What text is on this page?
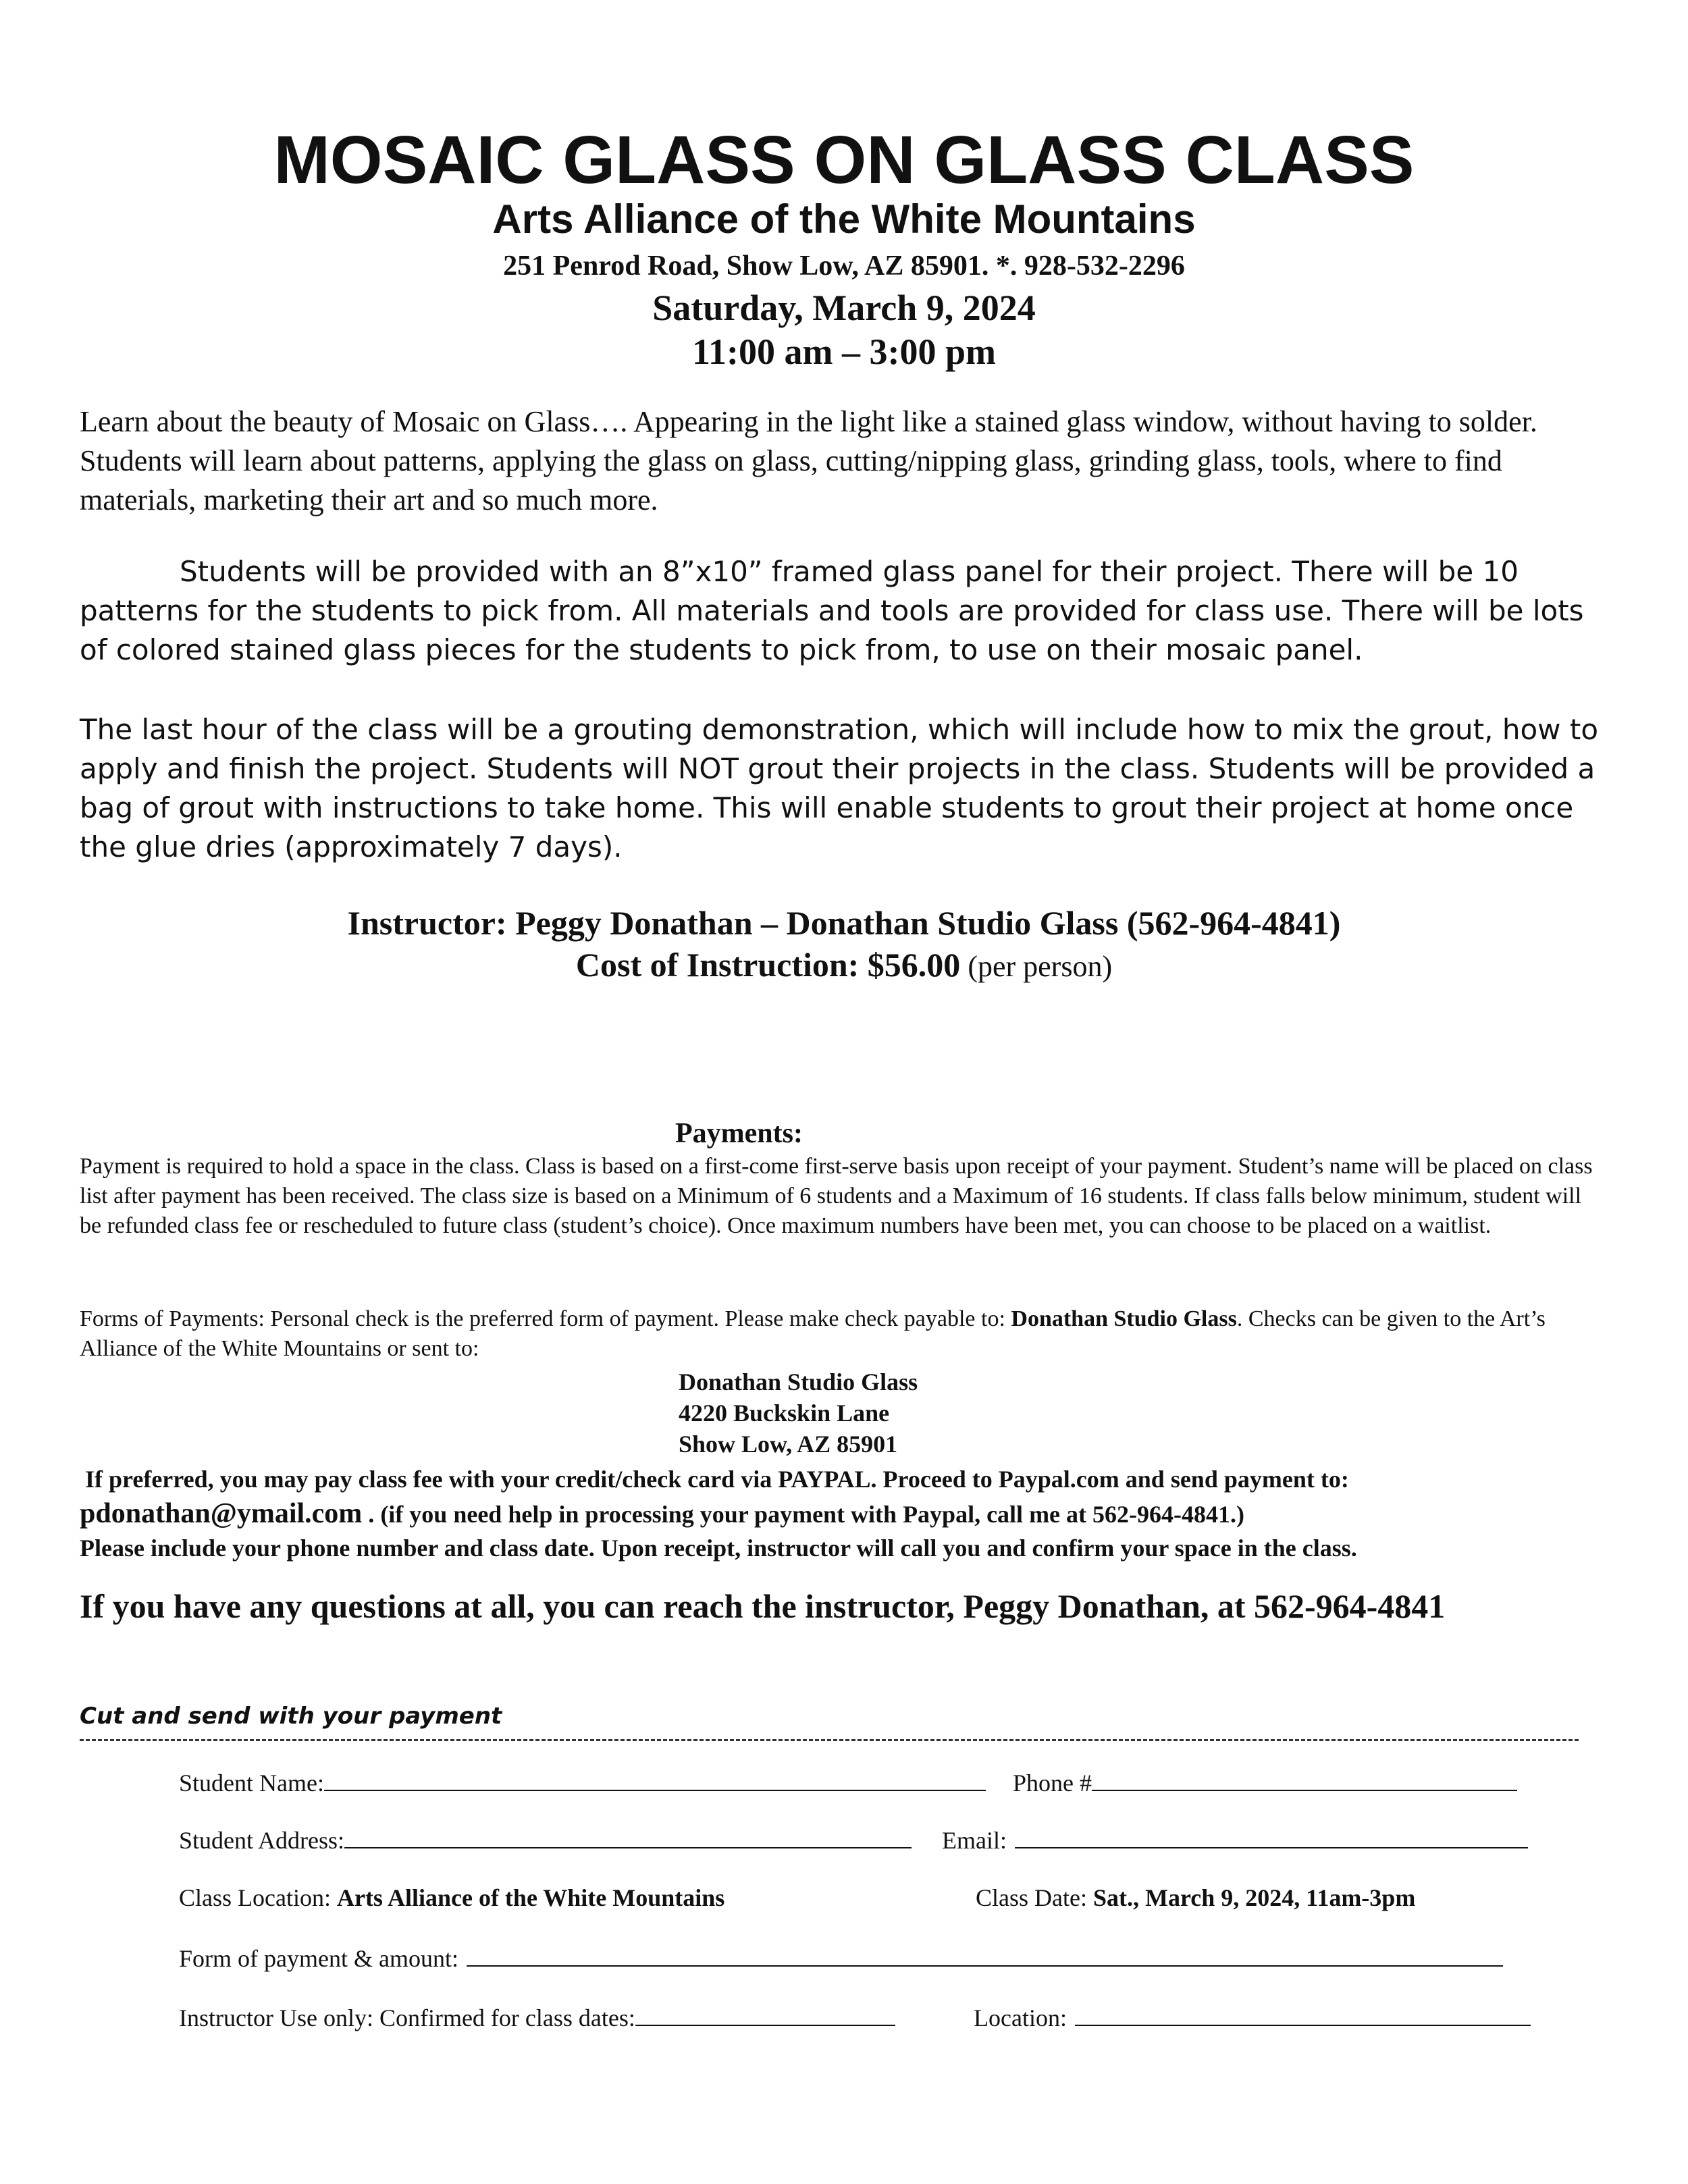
MOSAIC GLASS ON GLASS CLASS
Arts Alliance of the White Mountains
251 Penrod Road, Show Low, AZ 85901. *. 928-532-2296
Saturday, March 9, 2024
11:00 am – 3:00 pm
Learn about the beauty of Mosaic on Glass…. Appearing in the light like a stained glass window, without having to solder. Students will learn about patterns, applying the glass on glass, cutting/nipping glass, grinding glass, tools, where to find materials, marketing their art and so much more.
Students will be provided with an 8”x10” framed glass panel for their project. There will be 10 patterns for the students to pick from. All materials and tools are provided for class use. There will be lots of colored stained glass pieces for the students to pick from, to use on their mosaic panel.
The last hour of the class will be a grouting demonstration, which will include how to mix the grout, how to apply and finish the project. Students will NOT grout their projects in the class. Students will be provided a bag of grout with instructions to take home. This will enable students to grout their project at home once the glue dries (approximately 7 days).
Instructor: Peggy Donathan – Donathan Studio Glass (562-964-4841)
Cost of Instruction: $56.00 (per person)
Payments:
Payment is required to hold a space in the class. Class is based on a first-come first-serve basis upon receipt of your payment. Student’s name will be placed on class list after payment has been received. The class size is based on a Minimum of 6 students and a Maximum of 16 students. If class falls below minimum, student will be refunded class fee or rescheduled to future class (student’s choice). Once maximum numbers have been met, you can choose to be placed on a waitlist.
Forms of Payments: Personal check is the preferred form of payment. Please make check payable to: Donathan Studio Glass. Checks can be given to the Art’s Alliance of the White Mountains or sent to:
Donathan Studio Glass
4220 Buckskin Lane
Show Low, AZ 85901
If preferred, you may pay class fee with your credit/check card via PAYPAL. Proceed to Paypal.com and send payment to:
pdonathan@ymail.com . (if you need help in processing your payment with Paypal, call me at 562-964-4841.)
Please include your phone number and class date. Upon receipt, instructor will call you and confirm your space in the class.
If you have any questions at all, you can reach the instructor, Peggy Donathan, at 562-964-4841
Cut and send with your payment
Student Name:	Phone #
Student Address:	Email:
Class Location: Arts Alliance of the White Mountains	Class Date: Sat., March 9, 2024, 11am-3pm
Form of payment & amount:
Instructor Use only: Confirmed for class dates:	Location:
